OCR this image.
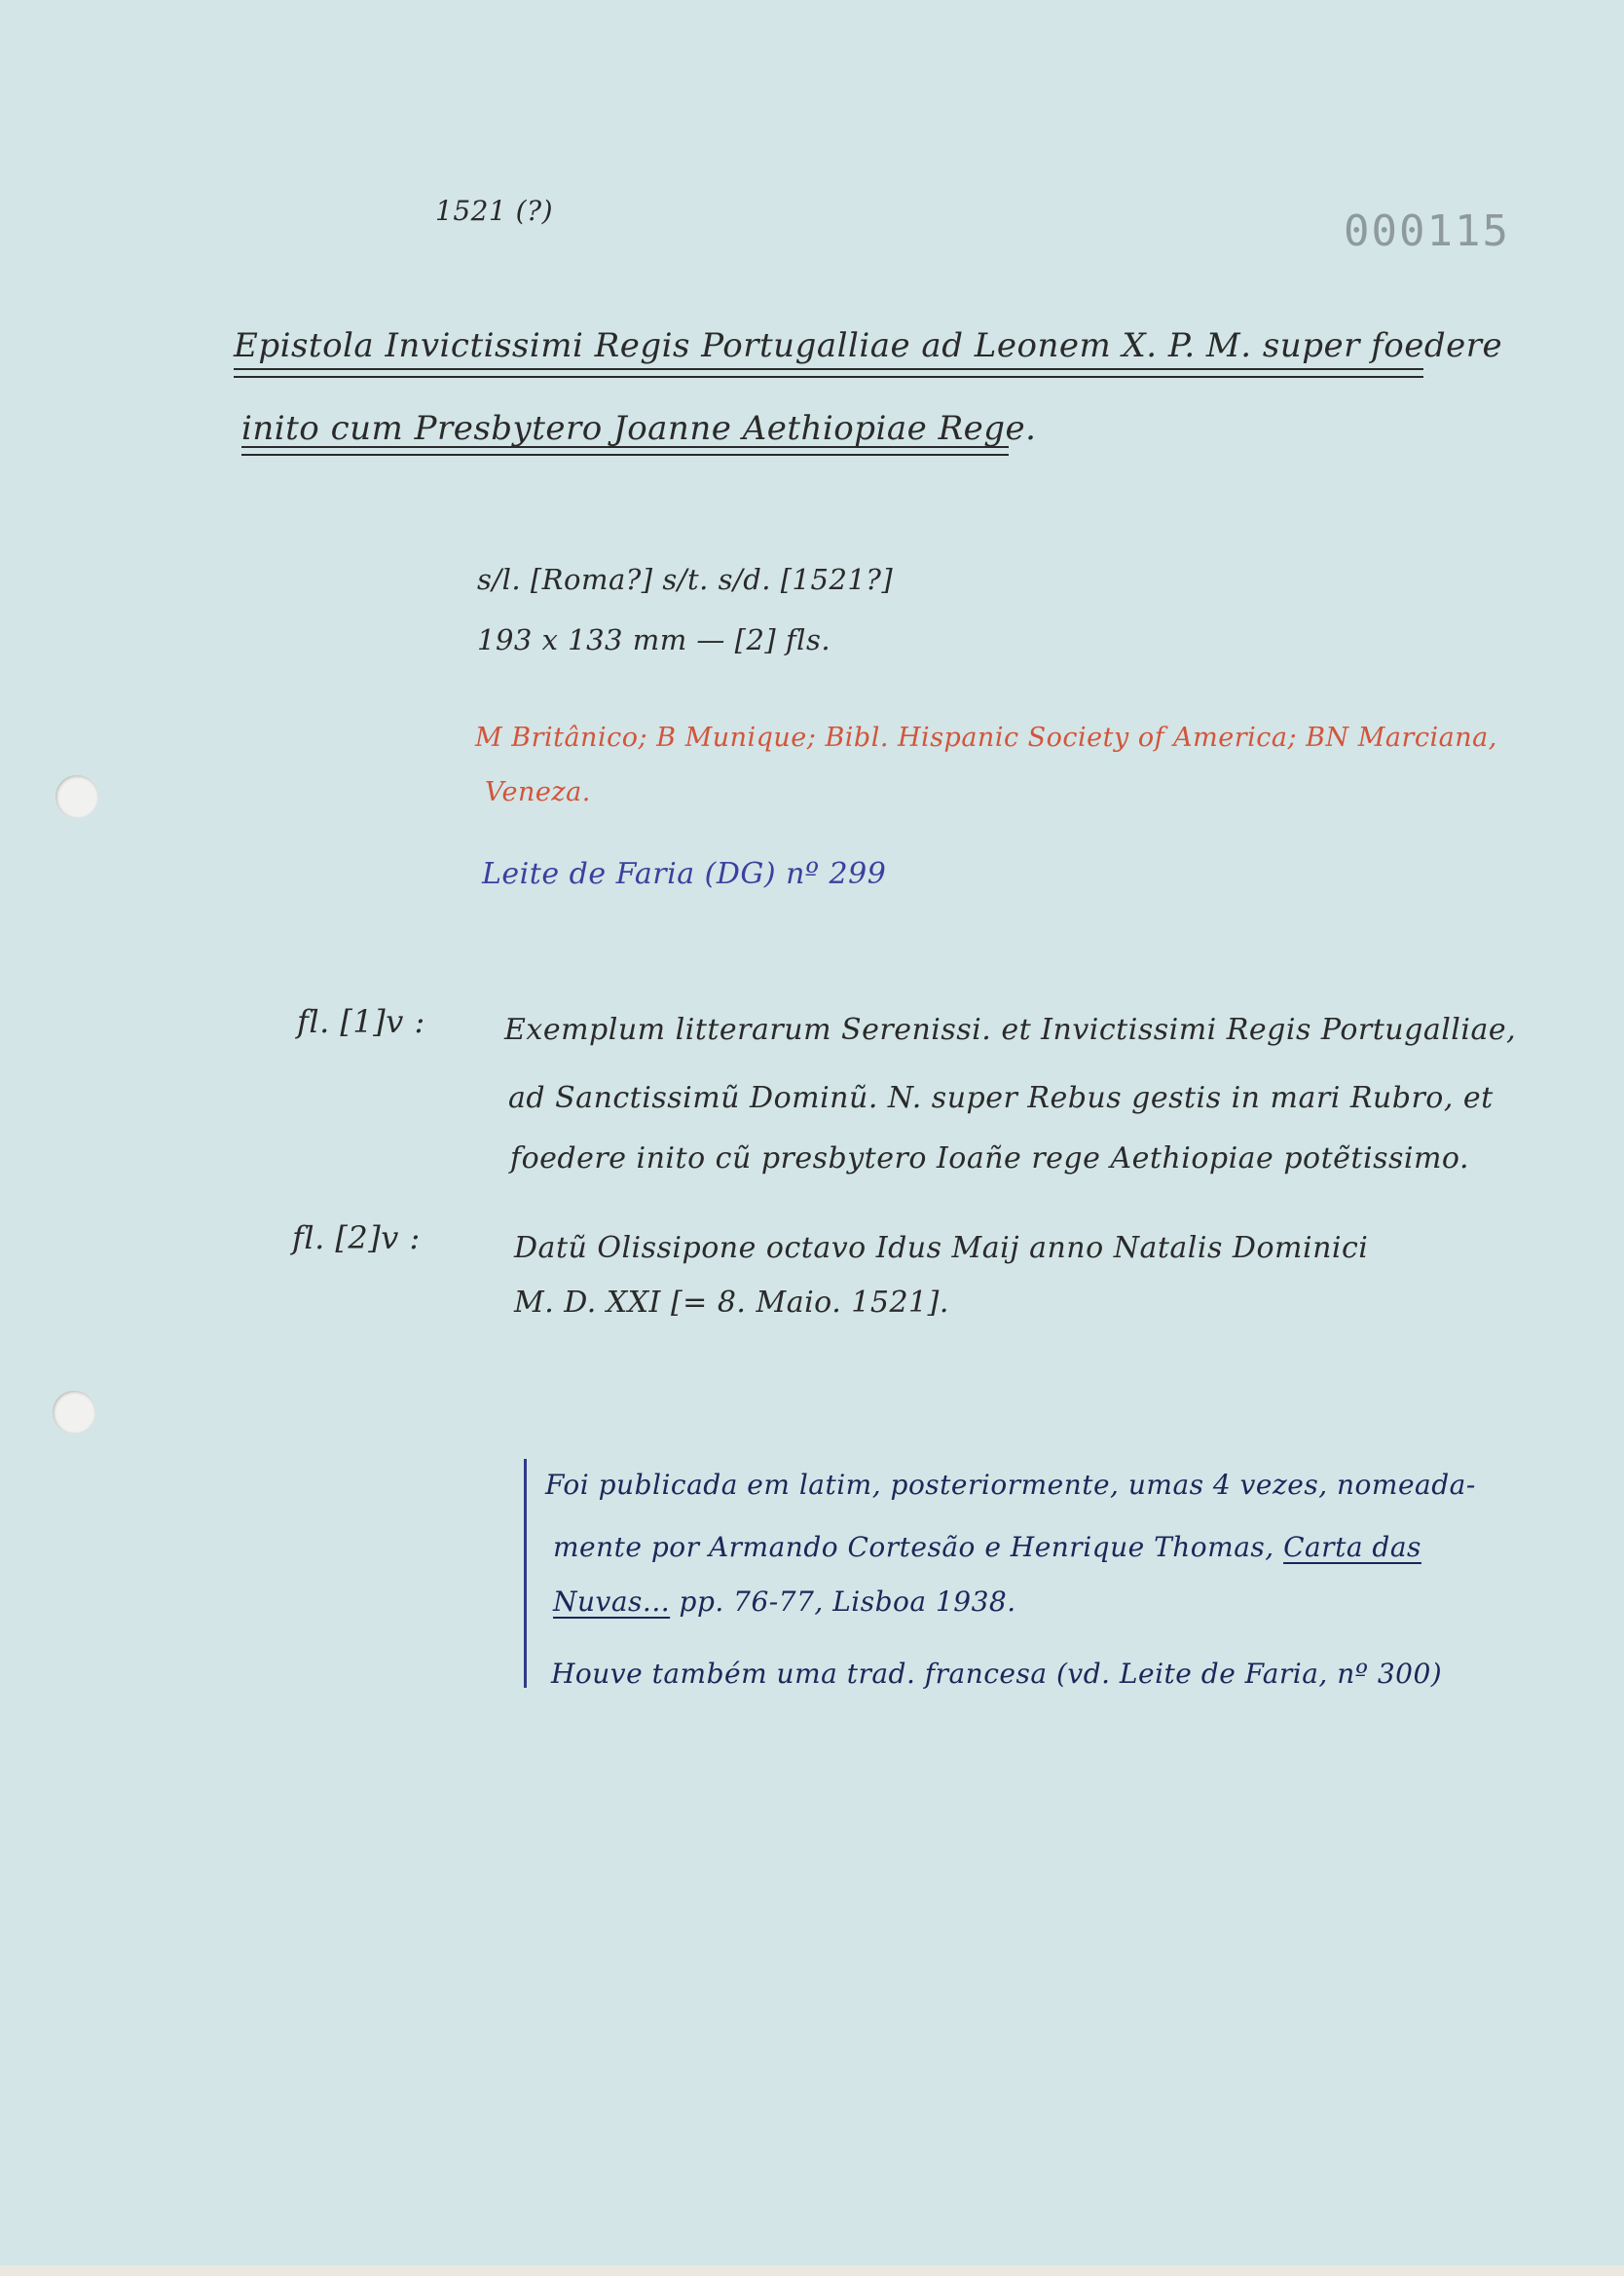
1521 (?)	000115
Epistola Invictissimi Regis Portugalliae ad Leonem X. P. M. super foedere
inito cum Presbytero Joanne Aethiopiae Rege.
s/l. [Roma?] s/t. s/d. [1521?]
193 x 133 mm — [2] fls.
M Britânico; B Munique; Bibl. Hispanic Society of America; BN Marciana,
Veneza.
Leite de Faria (DG) nº 299
fl. [1]v :	Exemplum litterarum Serenissi. et Invictissimi Regis Portugalliae,
ad Sanctissimũ Dominũ. N. super Rebus gestis in mari Rubro, et
foedere inito cũ presbytero Ioañe rege Aethiopiae potẽtissimo.
fl. [2]v :	Datũ Olissipone octavo Idus Maij anno Natalis Dominici
M. D. XXI [= 8. Maio. 1521].
Foi publicada em latim, posteriormente, umas 4 vezes, nomeada-
mente por Armando Cortesão e Henrique Thomas, Carta das
Nuvas... pp. 76-77, Lisboa 1938.
Houve também uma trad. francesa (vd. Leite de Faria, nº 300)
